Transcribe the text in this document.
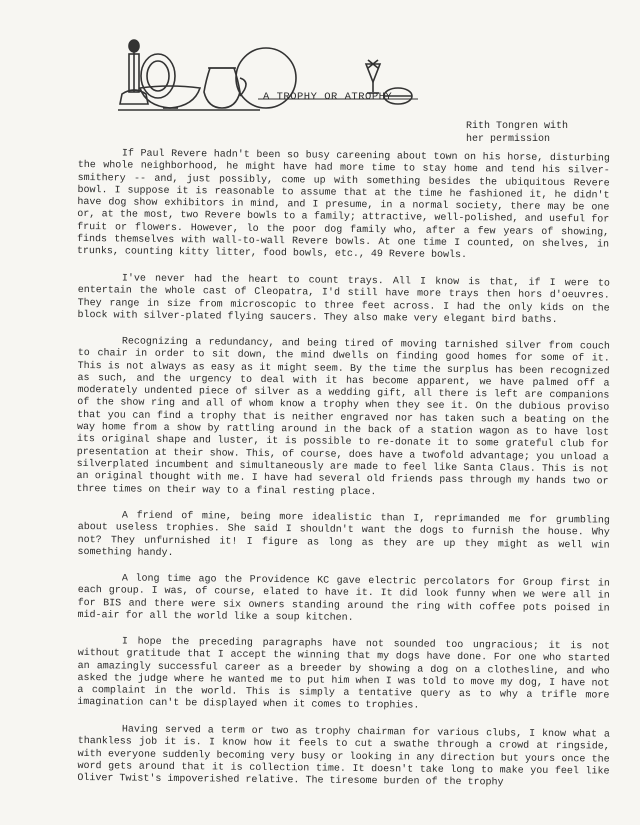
A TROPHY OR ATROPHY
Rith Tongren with
her permission

If Paul Revere hadn't been so busy careening about town on his horse, disturbing the whole neighborhood, he might have had more time to stay home and tend his silver-smithery -- and, just possibly, come up with something besides the ubiquitous Revere bowl. I suppose it is reasonable to assume that at the time he fashioned it, he didn't have dog show exhibitors in mind, and I presume, in a normal society, there may be one or, at the most, two Revere bowls to a family; attractive, well-polished, and useful for fruit or flowers. However, lo the poor dog family who, after a few years of showing, finds themselves with wall-to-wall Revere bowls. At one time I counted, on shelves, in trunks, counting kitty litter, food bowls, etc., 49 Revere bowls.

I've never had the heart to count trays. All I know is that, if I were to entertain the whole cast of Cleopatra, I'd still have more trays then hors d'oeuvres. They range in size from microscopic to three feet across. I had the only kids on the block with silver-plated flying saucers. They also make very elegant bird baths.

Recognizing a redundancy, and being tired of moving tarnished silver from couch to chair in order to sit down, the mind dwells on finding good homes for some of it. This is not always as easy as it might seem. By the time the surplus has been recognized as such, and the urgency to deal with it has become apparent, we have palmed off a moderately undented piece of silver as a wedding gift, all there is left are companions of the show ring and all of whom know a trophy when they see it. On the dubious proviso that you can find a trophy that is neither engraved nor has taken such a beating on the way home from a show by rattling around in the back of a station wagon as to have lost its original shape and luster, it is possible to re-donate it to some grateful club for presentation at their show. This, of course, does have a twofold advantage; you unload a silverplated incumbent and simultaneously are made to feel like Santa Claus. This is not an original thought with me. I have had several old friends pass through my hands two or three times on their way to a final resting place.

A friend of mine, being more idealistic than I, reprimanded me for grumbling about useless trophies. She said I shouldn't want the dogs to furnish the house. Why not? They unfurnished it! I figure as long as they are up they might as well win something handy.

A long time ago the Providence KC gave electric percolators for Group first in each group. I was, of course, elated to have it. It did look funny when we were all in for BIS and there were six owners standing around the ring with coffee pots poised in mid-air for all the world like a soup kitchen.

I hope the preceding paragraphs have not sounded too ungracious; it is not without gratitude that I accept the winning that my dogs have done. For one who started an amazingly successful career as a breeder by showing a dog on a clothesline, and who asked the judge where he wanted me to put him when I was told to move my dog, I have not a complaint in the world. This is simply a tentative query as to why a trifle more imagination can't be displayed when it comes to trophies.

Having served a term or two as trophy chairman for various clubs, I know what a thankless job it is. I know how it feels to cut a swathe through a crowd at ringside, with everyone suddenly becoming very busy or looking in any direction but yours once the word gets around that it is collection time. It doesn't take long to make you feel like Oliver Twist's impoverished relative. The tiresome burden of the trophy
